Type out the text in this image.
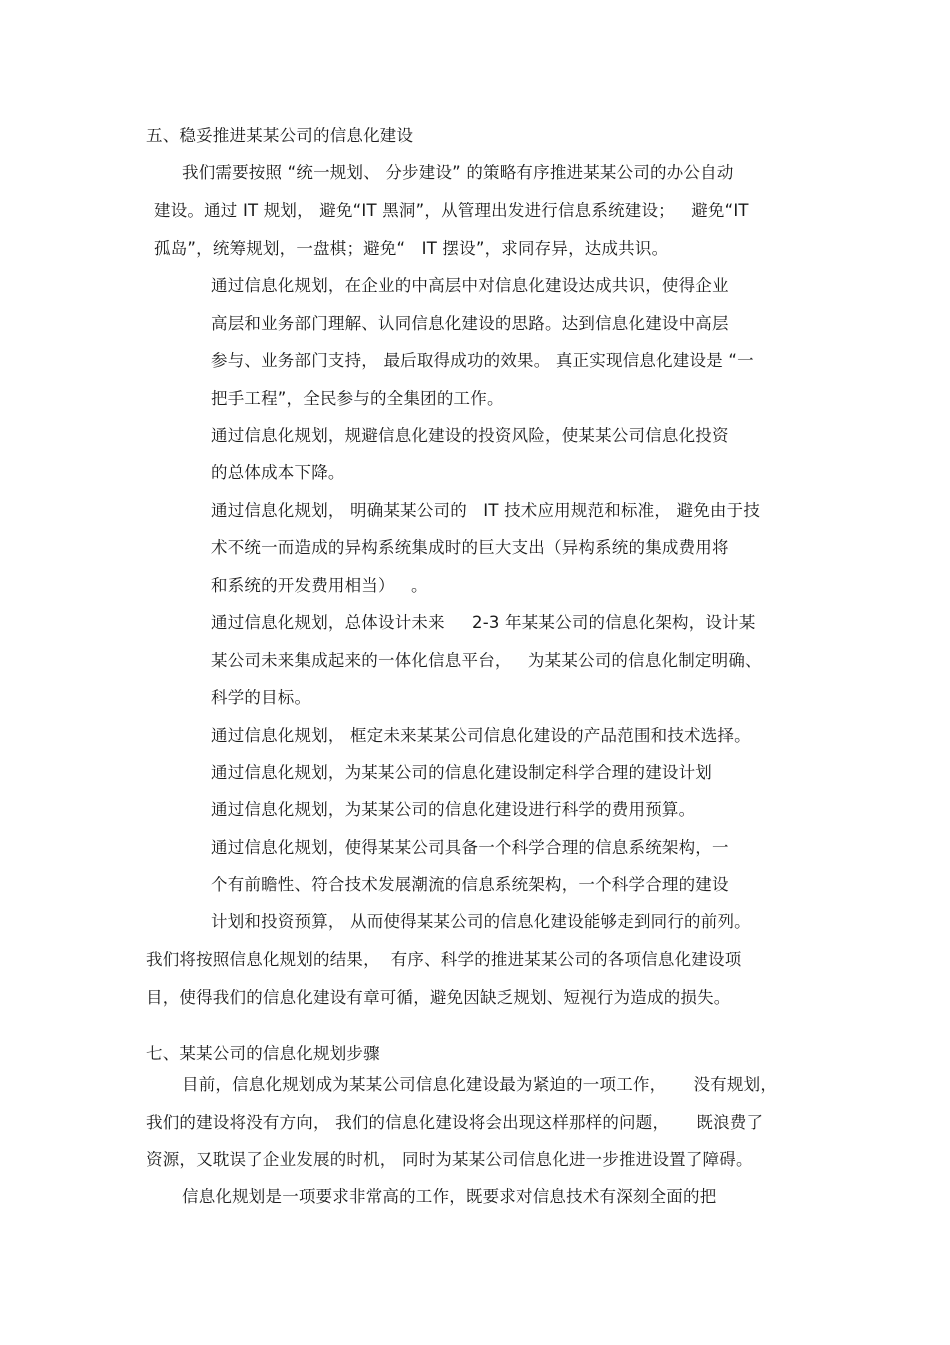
五、稳妥推进某某公司的信息化建设

我们需要按照 “统一规划、 分步建设” 的策略有序推进某某公司的办公自动

建设。通过 IT 规划， 避免“IT 黑洞”，从管理出发进行信息系统建设；   避免“IT

孤岛”，统筹规划，一盘棋；避免“   IT 摆设”，求同存异，达成共识。

通过信息化规划，在企业的中高层中对信息化建设达成共识，使得企业

高层和业务部门理解、认同信息化建设的思路。达到信息化建设中高层

参与、业务部门支持， 最后取得成功的效果。 真正实现信息化建设是 “一

把手工程”，全民参与的全集团的工作。

通过信息化规划，规避信息化建设的投资风险，使某某公司信息化投资

的总体成本下降。

通过信息化规划， 明确某某公司的   IT 技术应用规范和标准， 避免由于技

术不统一而造成的异构系统集成时的巨大支出（异构系统的集成费用将

和系统的开发费用相当）   。

通过信息化规划，总体设计未来     2-3 年某某公司的信息化架构，设计某

某公司未来集成起来的一体化信息平台，   为某某公司的信息化制定明确、

科学的目标。

通过信息化规划， 框定未来某某公司信息化建设的产品范围和技术选择。

通过信息化规划，为某某公司的信息化建设制定科学合理的建设计划

通过信息化规划，为某某公司的信息化建设进行科学的费用预算。

通过信息化规划，使得某某公司具备一个科学合理的信息系统架构，一

个有前瞻性、符合技术发展潮流的信息系统架构，一个科学合理的建设

计划和投资预算， 从而使得某某公司的信息化建设能够走到同行的前列。

我们将按照信息化规划的结果，  有序、科学的推进某某公司的各项信息化建设项

目，使得我们的信息化建设有章可循，避免因缺乏规划、短视行为造成的损失。

七、某某公司的信息化规划步骤

目前，信息化规划成为某某公司信息化建设最为紧迫的一项工作，     没有规划，

我们的建设将没有方向， 我们的信息化建设将会出现这样那样的问题，     既浪费了

资源，又耽误了企业发展的时机， 同时为某某公司信息化进一步推进设置了障碍。

信息化规划是一项要求非常高的工作，既要求对信息技术有深刻全面的把
